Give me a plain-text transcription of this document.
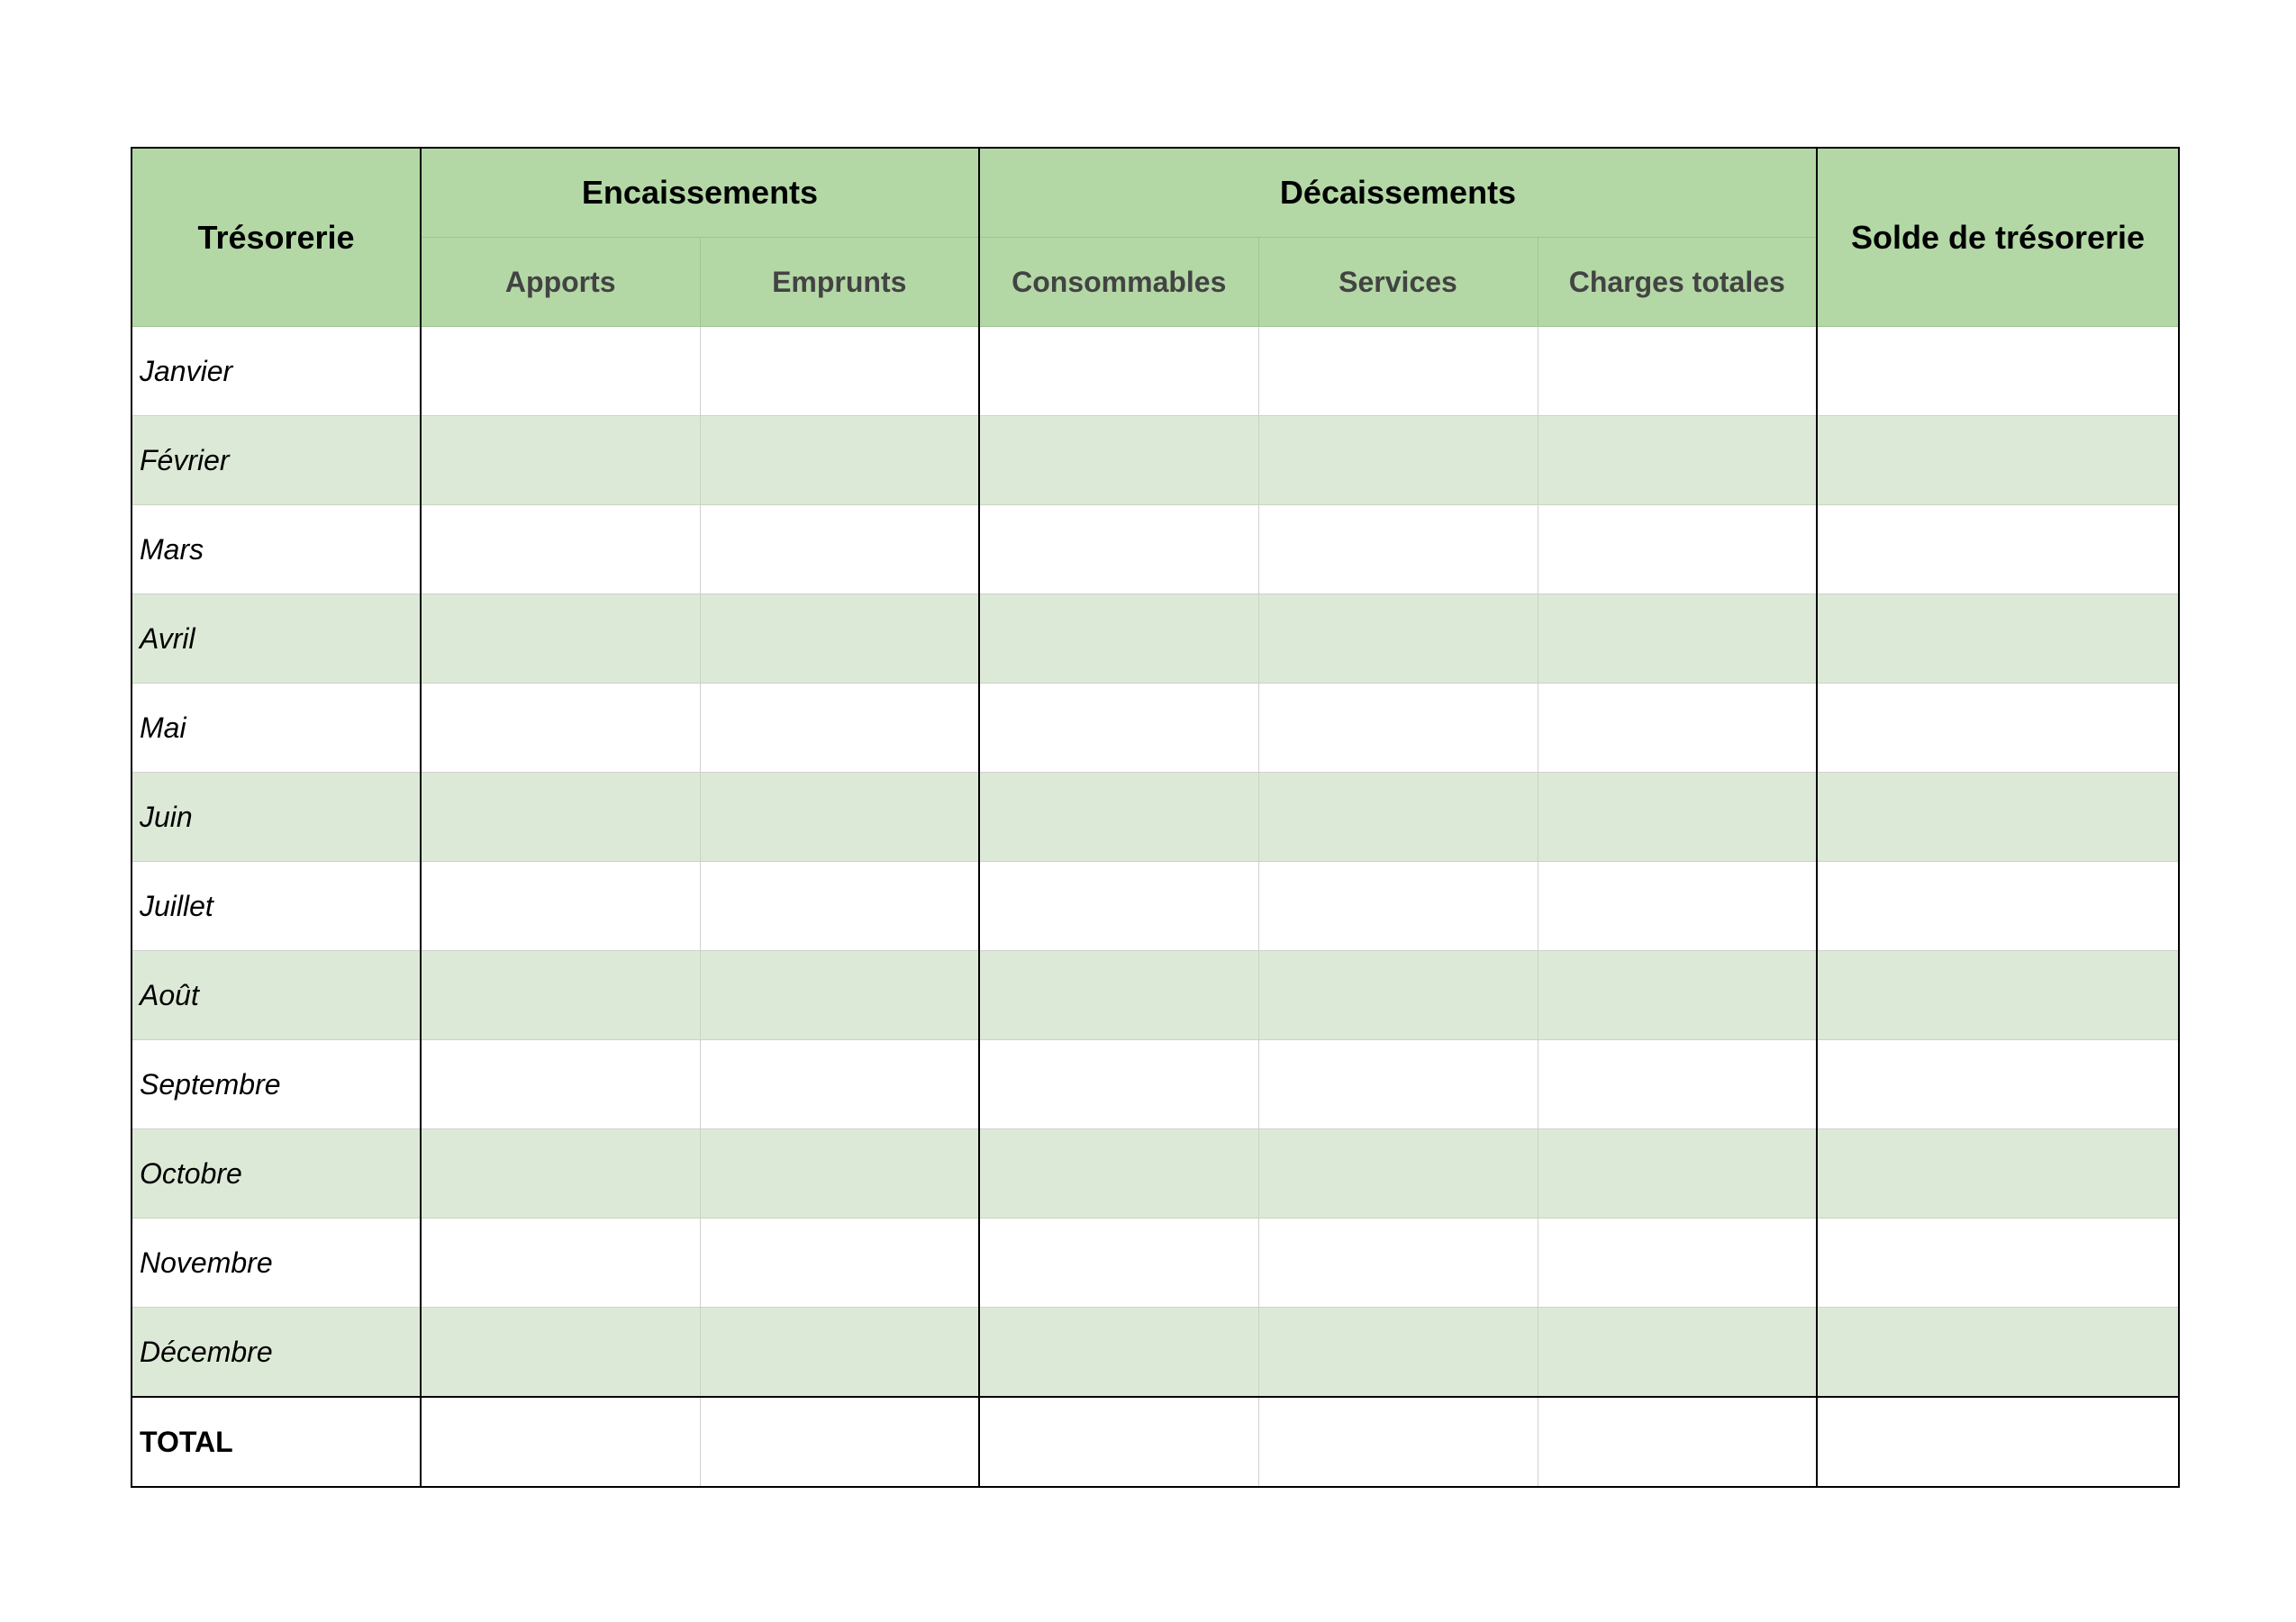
Trésorerie	Encaissements		Décaissements			Solde de trésorerie
	Apports	Emprunts	Consommables	Services	Charges totales	
Janvier						
Février						
Mars						
Avril						
Mai						
Juin						
Juillet						
Août						
Septembre						
Octobre						
Novembre						
Décembre						
TOTAL						
